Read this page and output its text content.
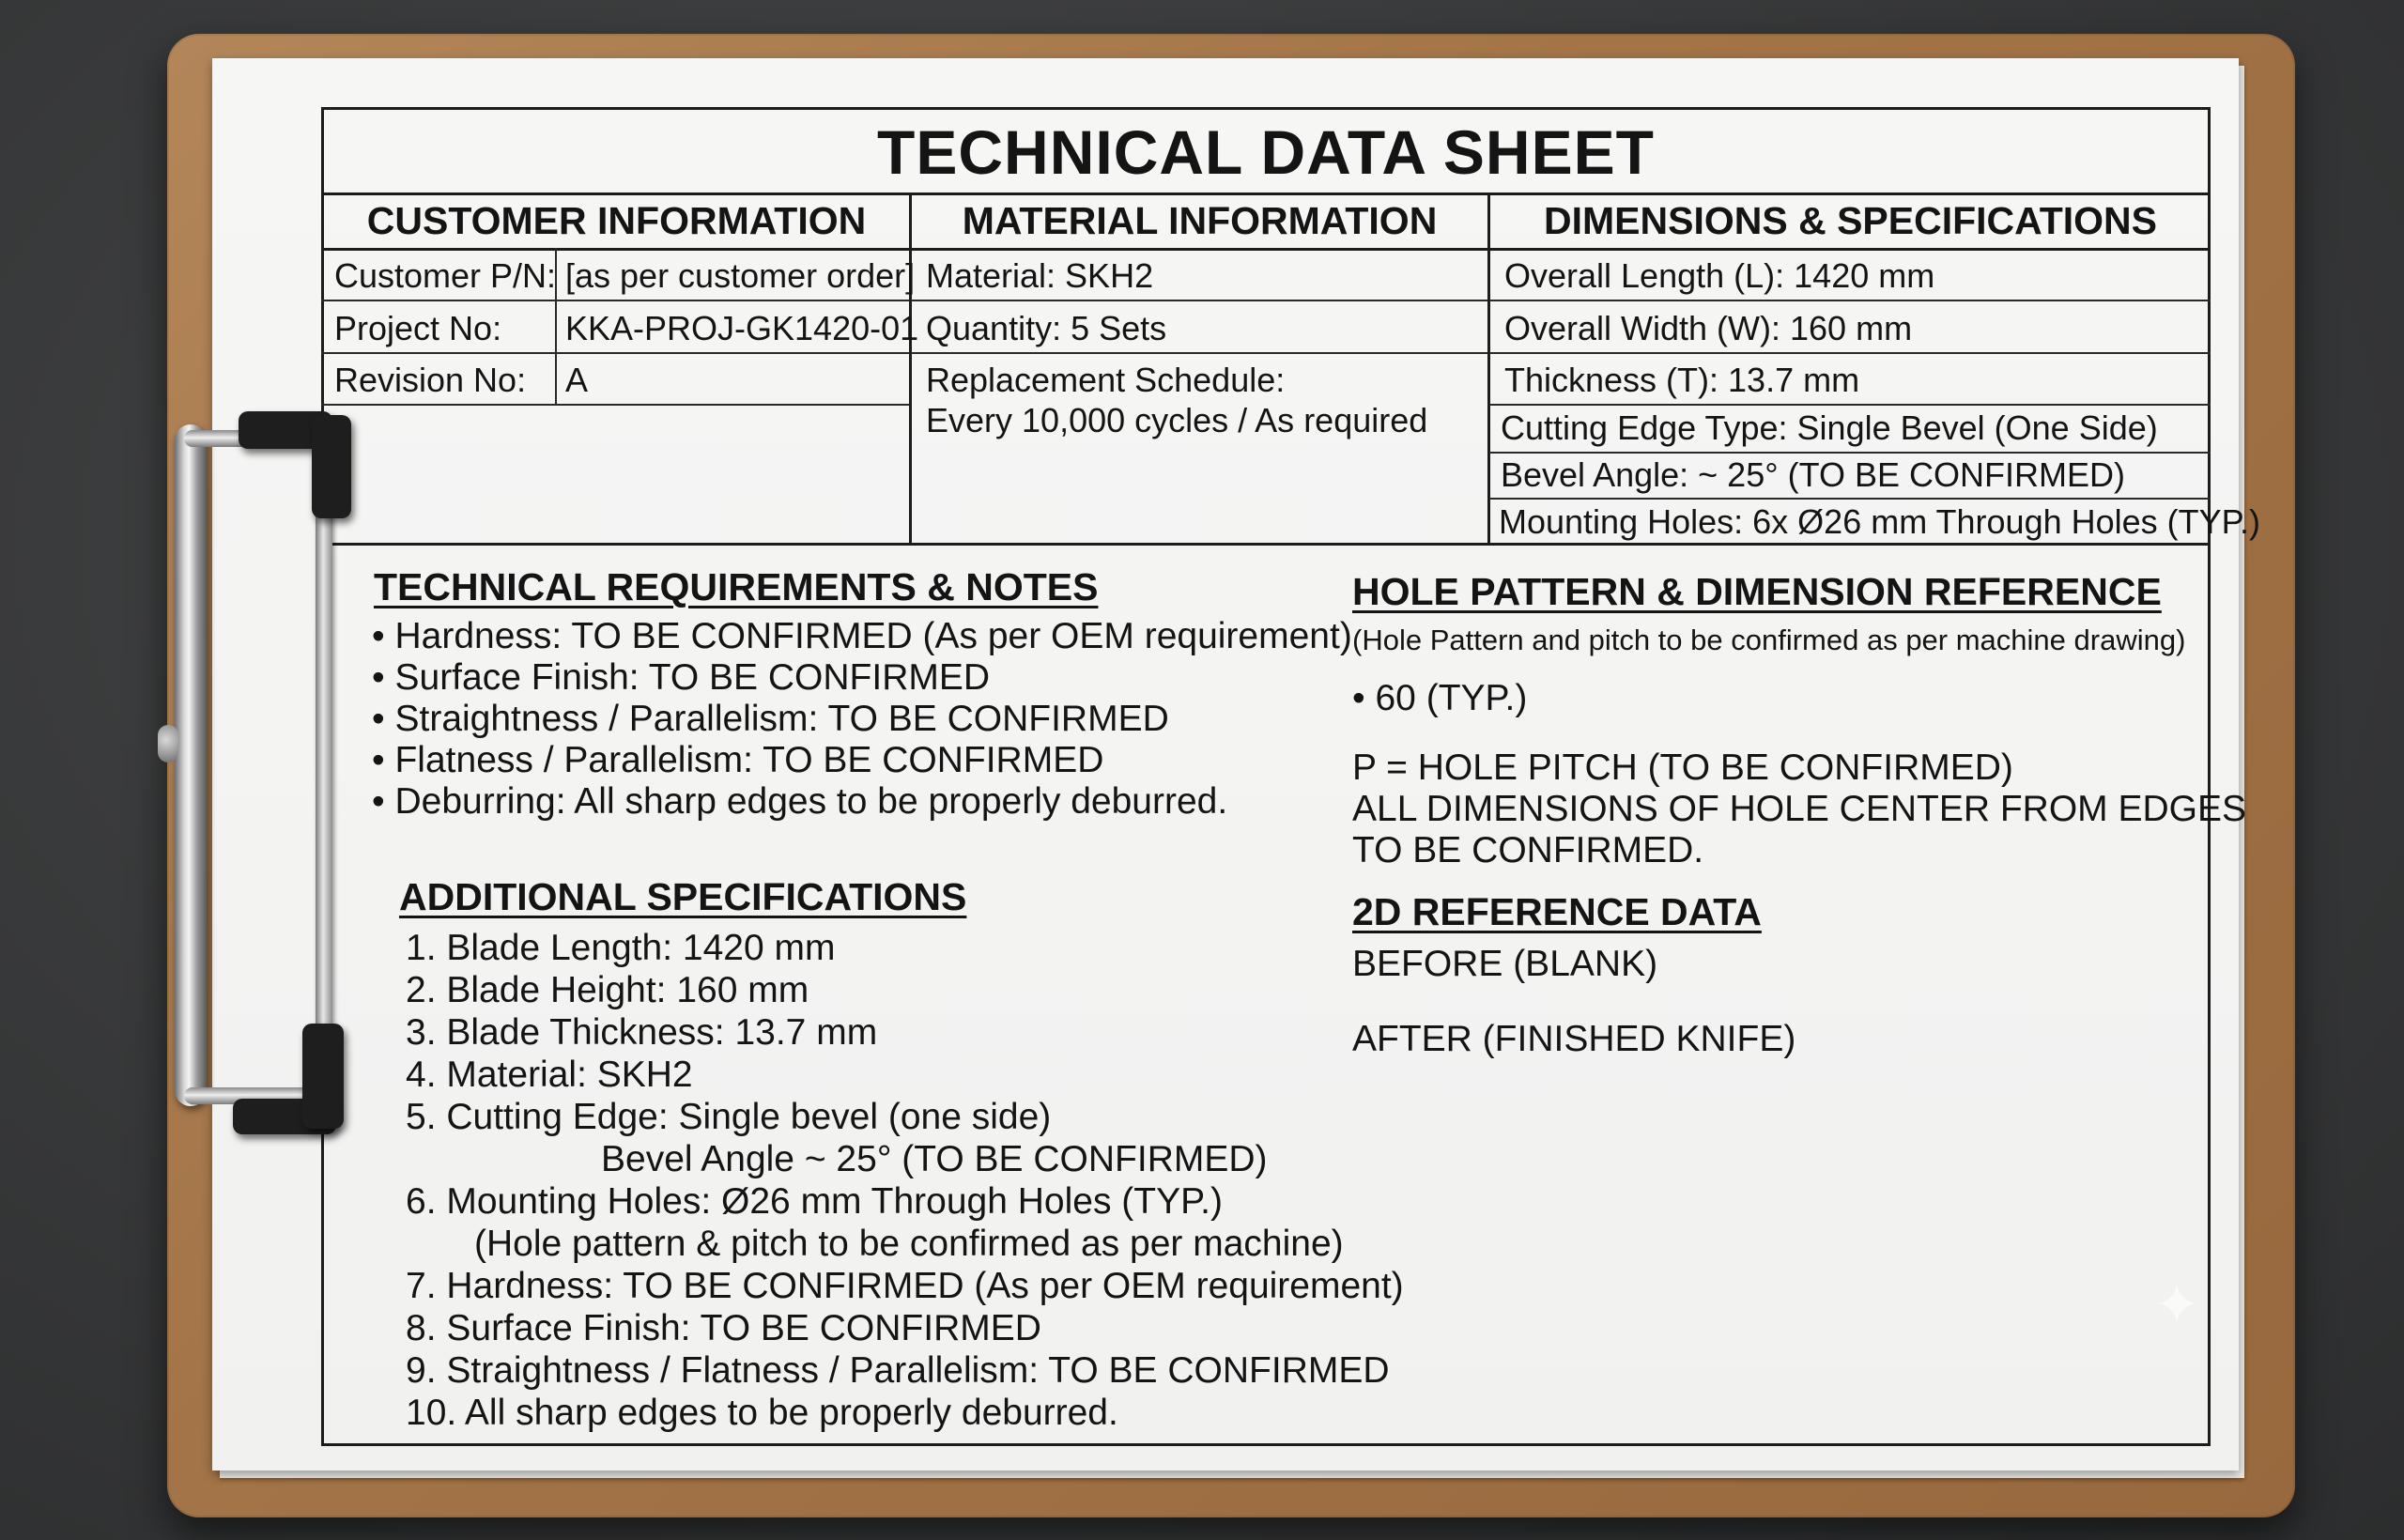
TECHNICAL DATA SHEET
CUSTOMER INFORMATION	MATERIAL INFORMATION	DIMENSIONS & SPECIFICATIONS
Customer P/N: [as per customer order]
Project No: KKA-PROJ-GK1420-01
Revision No: A
Material: SKH2
Quantity: 5 Sets
Replacement Schedule:
Every 10,000 cycles / As required
Overall Length (L): 1420 mm
Overall Width (W): 160 mm
Thickness (T): 13.7 mm
Cutting Edge Type: Single Bevel (One Side)
Bevel Angle: ~ 25° (TO BE CONFIRMED)
Mounting Holes: 6x Ø26 mm Through Holes (TYP.)
TECHNICAL REQUIREMENTS & NOTES
• Hardness: TO BE CONFIRMED (As per OEM requirement)
• Surface Finish: TO BE CONFIRMED
• Straightness / Parallelism: TO BE CONFIRMED
• Flatness / Parallelism: TO BE CONFIRMED
• Deburring: All sharp edges to be properly deburred.
ADDITIONAL SPECIFICATIONS
1. Blade Length: 1420 mm
2. Blade Height: 160 mm
3. Blade Thickness: 13.7 mm
4. Material: SKH2
5. Cutting Edge: Single bevel (one side)
Bevel Angle ~ 25° (TO BE CONFIRMED)
6. Mounting Holes: Ø26 mm Through Holes (TYP.)
(Hole pattern & pitch to be confirmed as per machine)
7. Hardness: TO BE CONFIRMED (As per OEM requirement)
8. Surface Finish: TO BE CONFIRMED
9. Straightness / Flatness / Parallelism: TO BE CONFIRMED
10. All sharp edges to be properly deburred.
HOLE PATTERN & DIMENSION REFERENCE
(Hole Pattern and pitch to be confirmed as per machine drawing)
• 60 (TYP.)
P = HOLE PITCH (TO BE CONFIRMED)
ALL DIMENSIONS OF HOLE CENTER FROM EDGES
TO BE CONFIRMED.
2D REFERENCE DATA
BEFORE (BLANK)
AFTER (FINISHED KNIFE)
✦
